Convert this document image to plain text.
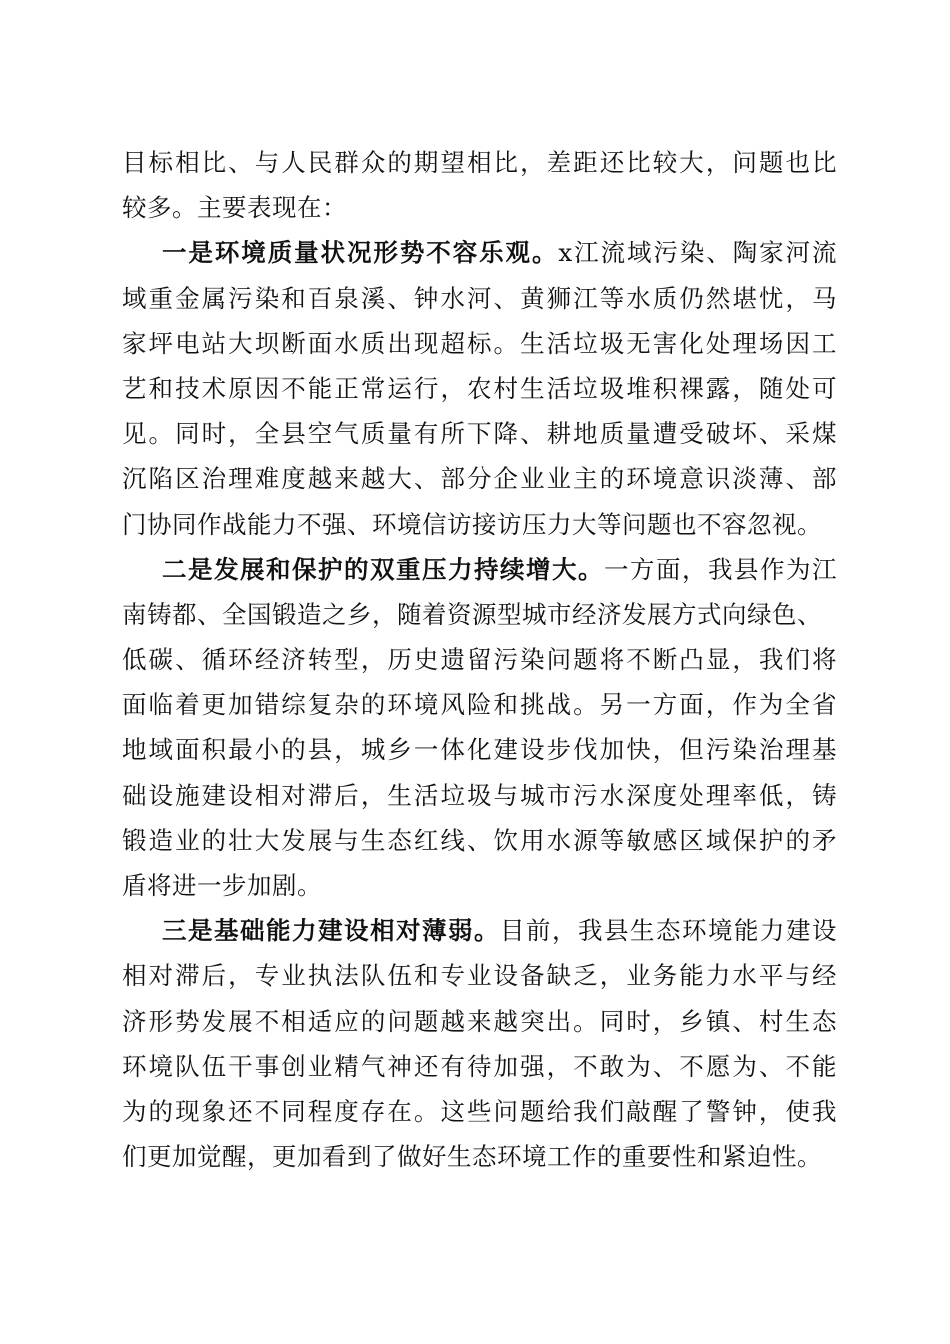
目标相比、与人民群众的期望相比，差距还比较大，问题也比
较多。主要表现在：
一是环境质量状况形势不容乐观。x江流域污染、陶家河流
域重金属污染和百泉溪、钟水河、黄狮江等水质仍然堪忧，马
家坪电站大坝断面水质出现超标。生活垃圾无害化处理场因工
艺和技术原因不能正常运行，农村生活垃圾堆积裸露，随处可
见。同时，全县空气质量有所下降、耕地质量遭受破坏、采煤
沉陷区治理难度越来越大、部分企业业主的环境意识淡薄、部
门协同作战能力不强、环境信访接访压力大等问题也不容忽视。
二是发展和保护的双重压力持续增大。一方面，我县作为江
南铸都、全国锻造之乡，随着资源型城市经济发展方式向绿色、
低碳、循环经济转型，历史遗留污染问题将不断凸显，我们将
面临着更加错综复杂的环境风险和挑战。另一方面，作为全省
地域面积最小的县，城乡一体化建设步伐加快，但污染治理基
础设施建设相对滞后，生活垃圾与城市污水深度处理率低，铸
锻造业的壮大发展与生态红线、饮用水源等敏感区域保护的矛
盾将进一步加剧。
三是基础能力建设相对薄弱。目前，我县生态环境能力建设
相对滞后，专业执法队伍和专业设备缺乏，业务能力水平与经
济形势发展不相适应的问题越来越突出。同时，乡镇、村生态
环境队伍干事创业精气神还有待加强，不敢为、不愿为、不能
为的现象还不同程度存在。这些问题给我们敲醒了警钟，使我
们更加觉醒，更加看到了做好生态环境工作的重要性和紧迫性。
